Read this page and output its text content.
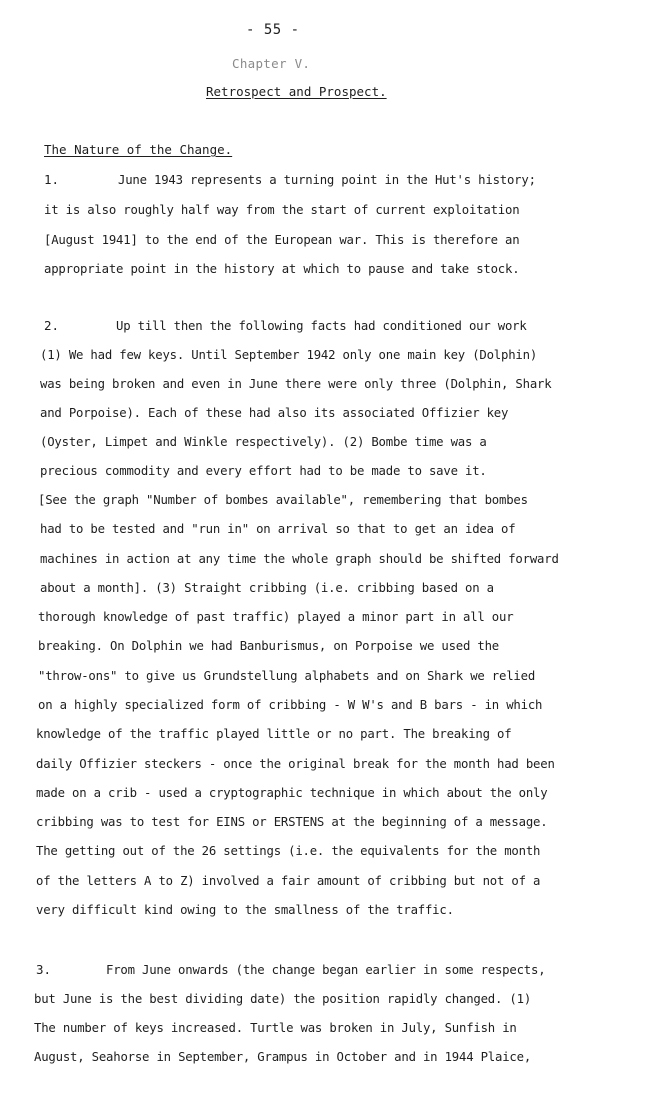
- 55 -
Chapter V.
Retrospect and Prospect.
The Nature of the Change.
1.	June 1943 represents a turning point in the Hut's history;
it is also roughly half way from the start of current exploitation
[August 1941] to the end of the European war. This is therefore an
appropriate point in the history at which to pause and take stock.
2.	Up till then the following facts had conditioned our work
(1) We had few keys. Until September 1942 only one main key (Dolphin)
was being broken and even in June there were only three (Dolphin, Shark
and Porpoise). Each of these had also its associated Offizier key
(Oyster, Limpet and Winkle respectively). (2) Bombe time was a
precious commodity and every effort had to be made to save it.
[See the graph "Number of bombes available", remembering that bombes
had to be tested and "run in" on arrival so that to get an idea of
machines in action at any time the whole graph should be shifted forward
about a month]. (3) Straight cribbing (i.e. cribbing based on a
thorough knowledge of past traffic) played a minor part in all our
breaking. On Dolphin we had Banburismus, on Porpoise we used the
"throw-ons" to give us Grundstellung alphabets and on Shark we relied
on a highly specialized form of cribbing - W W's and B bars - in which
knowledge of the traffic played little or no part. The breaking of
daily Offizier steckers - once the original break for the month had been
made on a crib - used a cryptographic technique in which about the only
cribbing was to test for EINS or ERSTENS at the beginning of a message.
The getting out of the 26 settings (i.e. the equivalents for the month
of the letters A to Z) involved a fair amount of cribbing but not of a
very difficult kind owing to the smallness of the traffic.
3.	From June onwards (the change began earlier in some respects,
but June is the best dividing date) the position rapidly changed. (1)
The number of keys increased. Turtle was broken in July, Sunfish in
August, Seahorse in September, Grampus in October and in 1944 Plaice,
